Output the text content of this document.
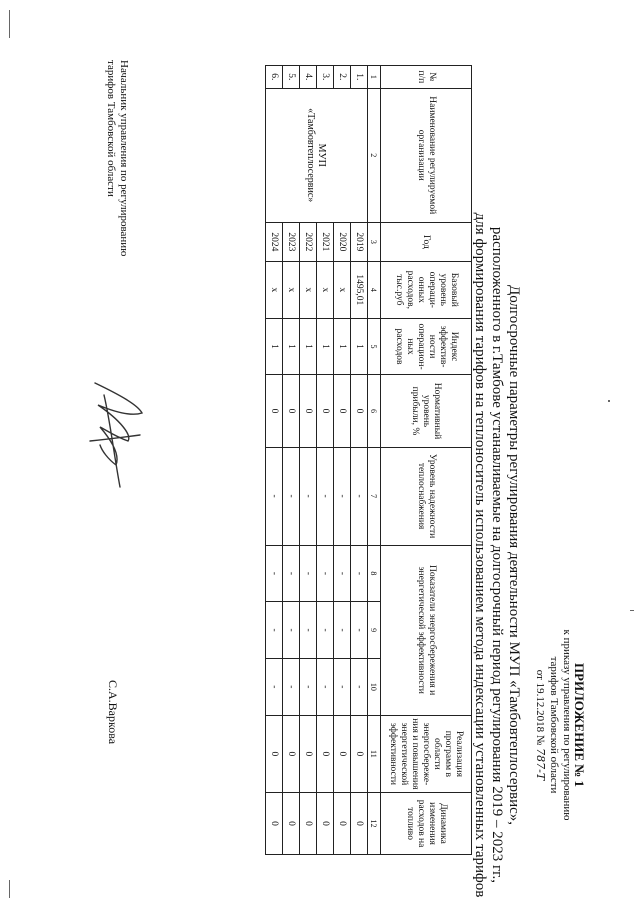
ПРИЛОЖЕНИЕ № 1
к приказу управления по регулированию
тарифов Тамбовской области
от 19.12.2018 № 787-T
Долгосрочные параметры регулирования деятельности МУП «Тамбовтеплосервис»,
расположенного в г.Тамбове устанавливаемые на долгосрочный период регулирования 2019 – 2023 гг.,
для формирования тарифов на теплоноситель использованием метода индексации установленных тарифов
№ п/п	Наименование регулируемой организации	Год	Базовый уровень операци-онных расходов, тыс.руб	Индекс эффектив-ности операцион-ных расходов	Нормативный уровень прибыли, %	Уровень надежности теплоснабжения	Показатели энергосбережения и энергетической эффективности			Реализация программ в области энергосбереже-ния и повышения энергетической эффективности	Динамика изменения расходов на топливо
1	2	3	4	5	6	7	8	9	10	11	12
1.	МУП
«Тамбовтеплосервис»	2019	1495,01	1	0	-	-	-	-	0	0
2.		2020	x	1	0	-	-	-	-	0	0
3.		2021	x	1	0	-	-	-	-	0	0
4.		2022	x	1	0	-	-	-	-	0	0
5.		2023	x	1	0	-	-	-	-	0	0
6.		2024	x	1	0	-	-	-	-	0	0
Начальник управления по регулированию
тарифов Тамбовской области
С.А.Варкова
